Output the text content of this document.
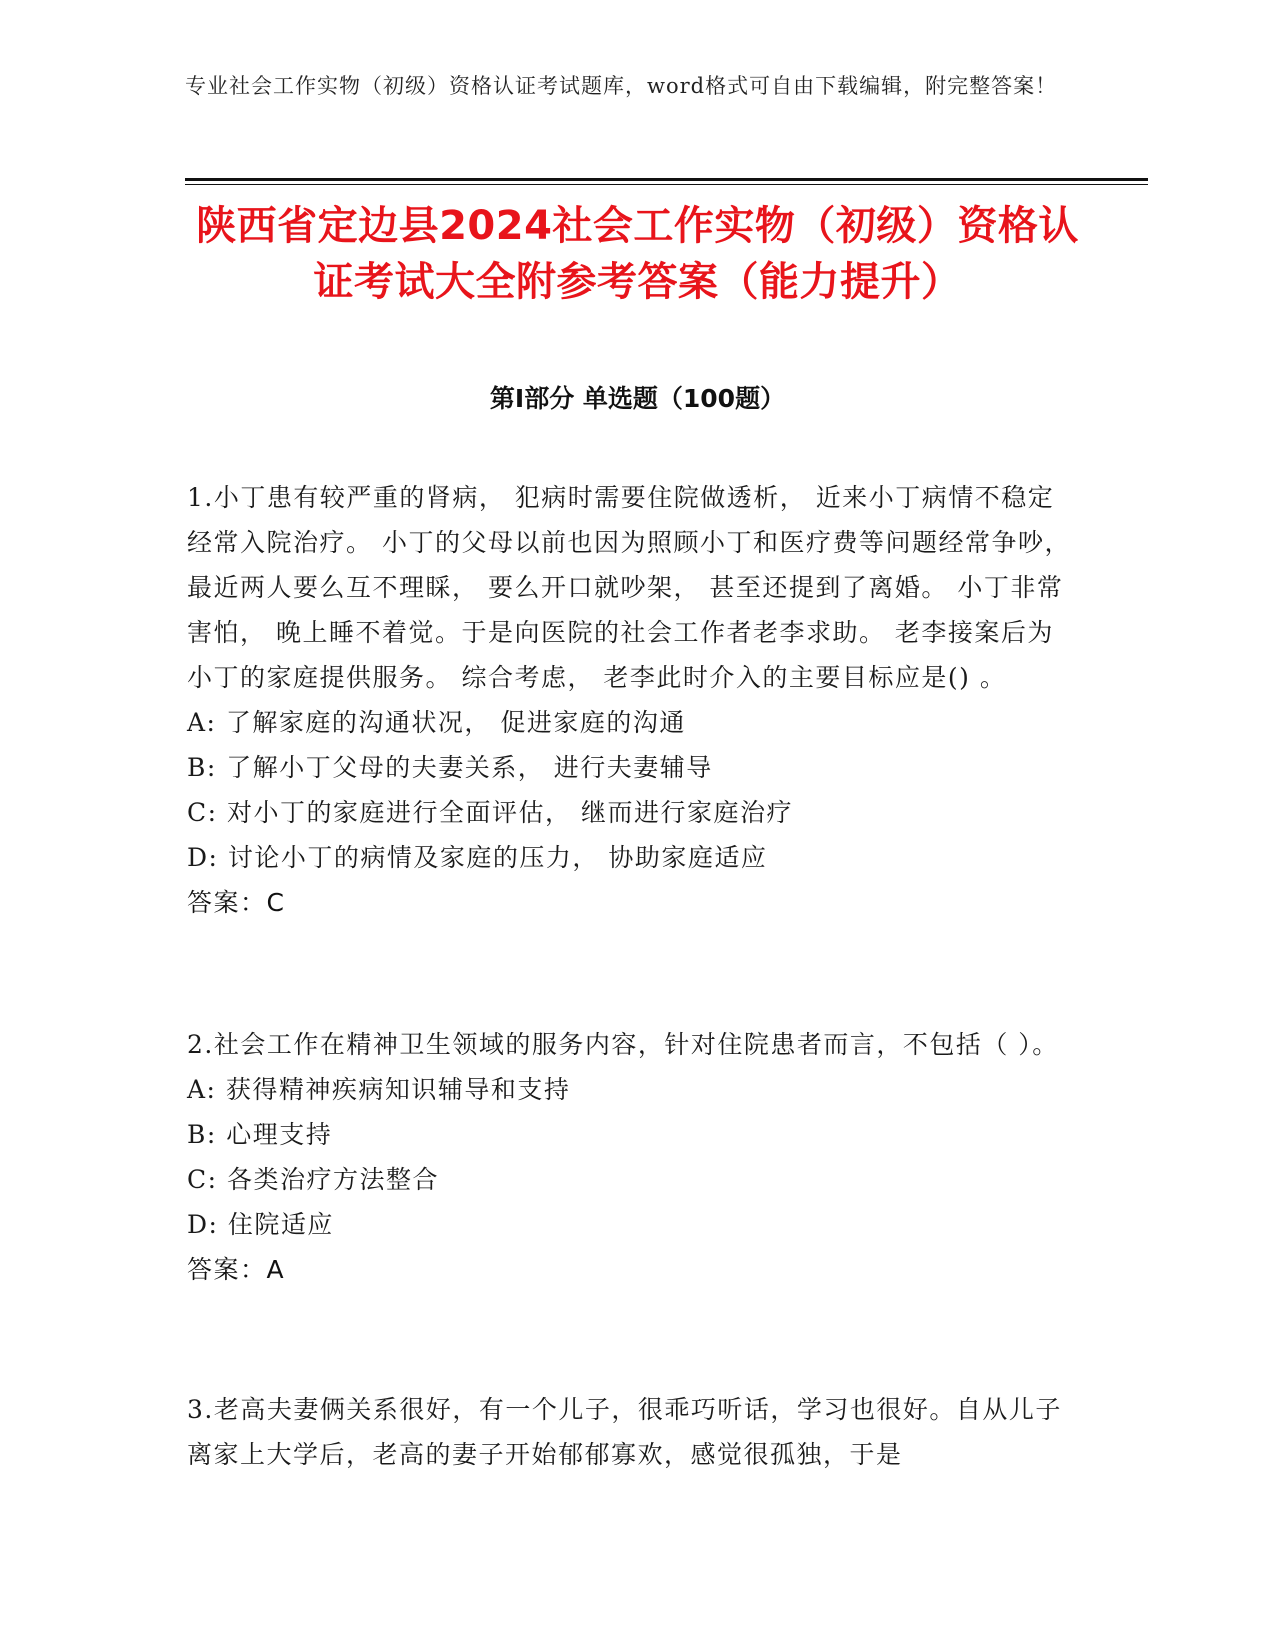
专业社会工作实物（初级）资格认证考试题库，word格式可自由下载编辑，附完整答案！
陕西省定边县2024社会工作实物（初级）资格认证考试大全附参考答案（能力提升）
第Ⅰ部分 单选题（100题）

1.小丁患有较严重的肾病， 犯病时需要住院做透析， 近来小丁病情不稳定经常入院治疗。 小丁的父母以前也因为照顾小丁和医疗费等问题经常争吵， 最近两人要么互不理睬， 要么开口就吵架， 甚至还提到了离婚。 小丁非常害怕， 晚上睡不着觉。于是向医院的社会工作者老李求助。 老李接案后为小丁的家庭提供服务。 综合考虑， 老李此时介入的主要目标应是() 。

A: 了解家庭的沟通状况， 促进家庭的沟通

B: 了解小丁父母的夫妻关系， 进行夫妻辅导

C: 对小丁的家庭进行全面评估， 继而进行家庭治疗

D: 讨论小丁的病情及家庭的压力， 协助家庭适应

答案：C

2.社会工作在精神卫生领域的服务内容，针对住院患者而言，不包括（ ）。

A: 获得精神疾病知识辅导和支持

B: 心理支持

C: 各类治疗方法整合

D: 住院适应

答案：A

3.老高夫妻俩关系很好，有一个儿子，很乖巧听话，学习也很好。自从儿子离家上大学后，老高的妻子开始郁郁寡欢，感觉很孤独，于是
